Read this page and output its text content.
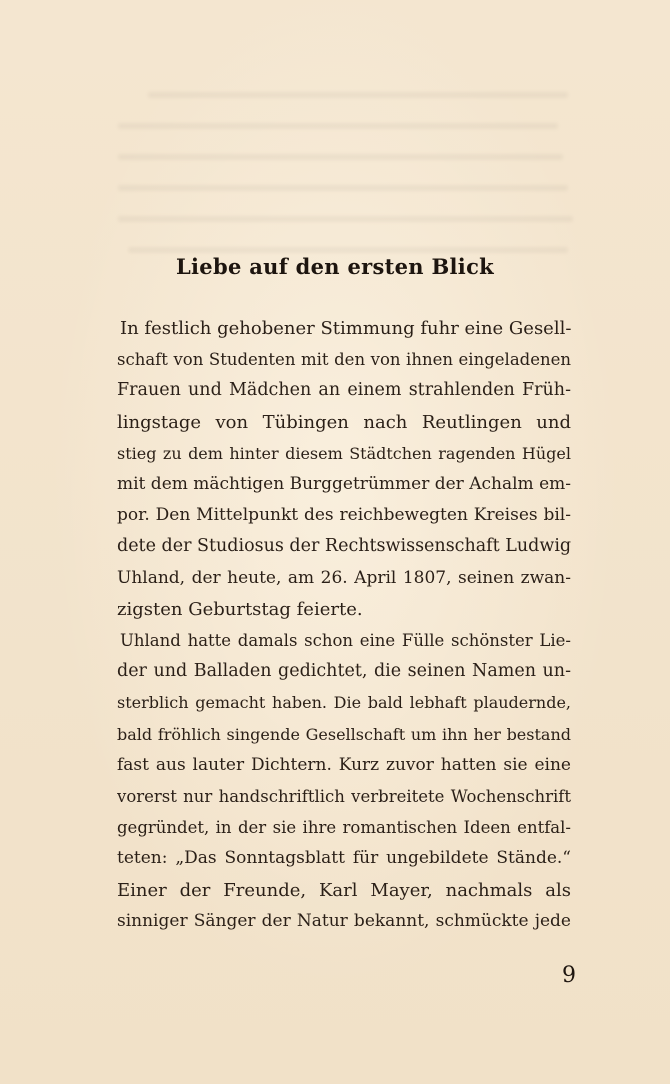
Liebe auf den ersten Blick

In festlich gehobener Stimmung fuhr eine Gesell-

schaft von Studenten mit den von ihnen eingeladenen

Frauen und Mädchen an einem strahlenden Früh-

lingstage von Tübingen nach Reutlingen und

stieg zu dem hinter diesem Städtchen ragenden Hügel

mit dem mächtigen Burggetrümmer der Achalm em-

por. Den Mittelpunkt des reichbewegten Kreises bil-

dete der Studiosus der Rechtswissenschaft Ludwig

Uhland, der heute, am 26. April 1807, seinen zwan-

zigsten Geburtstag feierte.

Uhland hatte damals schon eine Fülle schönster Lie-

der und Balladen gedichtet, die seinen Namen un-

sterblich gemacht haben. Die bald lebhaft plaudernde,

bald fröhlich singende Gesellschaft um ihn her bestand

fast aus lauter Dichtern. Kurz zuvor hatten sie eine

vorerst nur handschriftlich verbreitete Wochenschrift

gegründet, in der sie ihre romantischen Ideen entfal-

teten: „Das Sonntagsblatt für ungebildete Stände.“

Einer der Freunde, Karl Mayer, nachmals als

sinniger Sänger der Natur bekannt, schmückte jede

9
